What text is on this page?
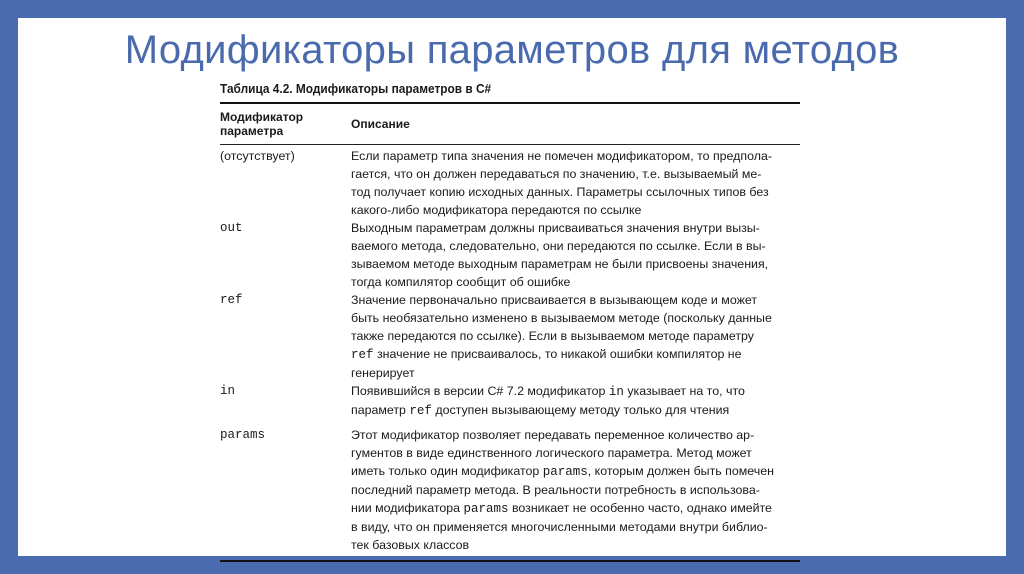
Модификаторы параметров для методов
Таблица 4.2. Модификаторы параметров в C#
Модификатор параметра	Описание
(отсутствует)	Если параметр типа значения не помечен модификатором, то предпола-
гается, что он должен передаваться по значению, т.е. вызываемый ме-
тод получает копию исходных данных. Параметры ссылочных типов без
какого-либо модификатора передаются по ссылке
out	Выходным параметрам должны присваиваться значения внутри вызы-
ваемого метода, следовательно, они передаются по ссылке. Если в вы-
зываемом методе выходным параметрам не были присвоены значения,
тогда компилятор сообщит об ошибке
ref	Значение первоначально присваивается в вызывающем коде и может
быть необязательно изменено в вызываемом методе (поскольку данные
также передаются по ссылке). Если в вызываемом методе параметру
ref значение не присваивалось, то никакой ошибки компилятор не
генерирует
in	Появившийся в версии C# 7.2 модификатор in указывает на то, что
параметр ref доступен вызывающему методу только для чтения
params	Этот модификатор позволяет передавать переменное количество ар-
гументов в виде единственного логического параметра. Метод может
иметь только один модификатор params, которым должен быть помечен
последний параметр метода. В реальности потребность в использова-
нии модификатора params возникает не особенно часто, однако имейте
в виду, что он применяется многочисленными методами внутри библио-
тек базовых классов
